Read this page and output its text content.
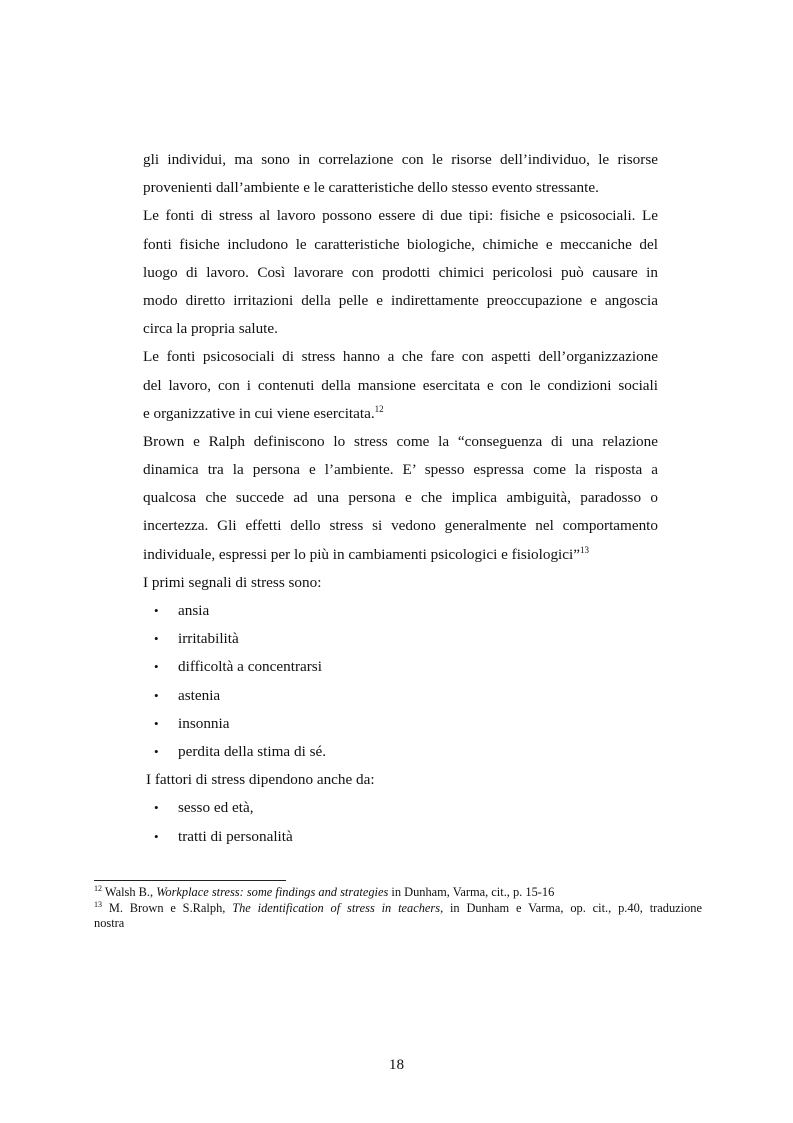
gli individui, ma sono in correlazione con le risorse dell’individuo, le risorse
provenienti dall’ambiente e le caratteristiche dello stesso evento stressante.
Le fonti di stress al lavoro possono essere di due tipi: fisiche e psicosociali. Le
fonti fisiche includono le caratteristiche biologiche, chimiche e meccaniche del
luogo di lavoro. Così lavorare con prodotti chimici pericolosi può causare in
modo diretto irritazioni della pelle e indirettamente preoccupazione e angoscia
circa la propria salute.
Le fonti psicosociali di stress hanno a che fare con aspetti dell’organizzazione
del lavoro, con i contenuti della mansione esercitata e con le condizioni sociali
e organizzative in cui viene esercitata.$^{12}$
Brown e Ralph definiscono lo stress come la “conseguenza di una relazione
dinamica tra la persona e l’ambiente. E’ spesso espressa come la risposta a
qualcosa che succede ad una persona e che implica ambiguità, paradosso o
incertezza. Gli effetti dello stress si vedono generalmente nel comportamento
individuale, espressi per lo più in cambiamenti psicologici e fisiologici”$^{13}$
I primi segnali di stress sono:
• ansia
• irritabilità
• difficoltà a concentrarsi
• astenia
• insonnia
• perdita della stima di sé.
I fattori di stress dipendono anche da:
• sesso ed età,
• tratti di personalità
$^{12}$ Walsh B., Workplace stress: some findings and strategies in Dunham, Varma, cit., p. 15-16
$^{13}$ M. Brown e S.Ralph, The identification of stress in teachers, in Dunham e Varma, op. cit., p.40, traduzione
nostra
18
